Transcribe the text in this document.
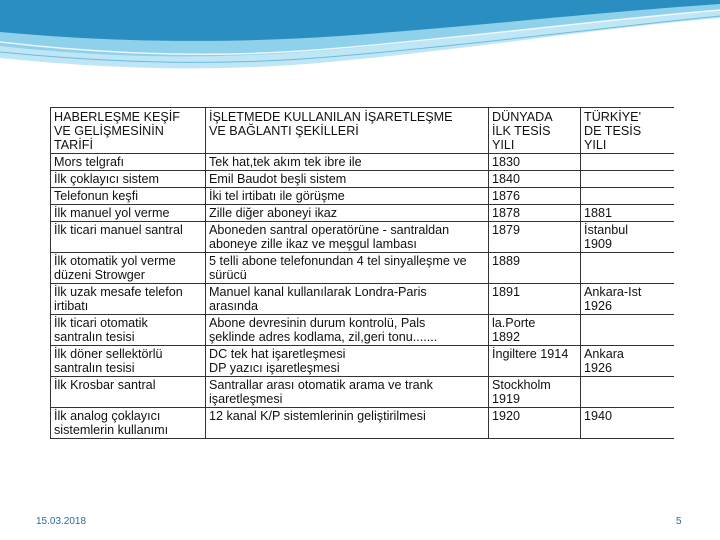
HABERLEŞME KEŞİF
VE GELİŞMESİNİN
TARİFİ	İŞLETMEDE KULLANILAN İŞARETLEŞME
VE BAĞLANTI ŞEKİLLERİ	DÜNYADA
İLK TESİS
YILI	TÜRKİYE'
DE TESİS
YILI
Mors telgrafı	Tek hat,tek akım tek ibre ile	1830	
İlk çoklayıcı sistem	Emil Baudot beşli sistem	1840	
Telefonun keşfi	İki tel irtibatı ile görüşme	1876	
İlk manuel yol verme	Zille diğer aboneyi ikaz	1878	1881
İlk ticari manuel santral	Aboneden santral operatörüne - santraldan
aboneye zille ikaz ve meşgul lambası	1879	İstanbul
1909
İlk otomatik yol verme
düzeni Strowger	5 telli abone telefonundan 4 tel sinyalleşme ve
sürücü	1889	
İlk uzak mesafe telefon
irtibatı	Manuel kanal kullanılarak Londra-Paris
arasında	1891	Ankara-Ist
1926
İlk ticari otomatik
santralın tesisi	Abone devresinin durum kontrolü, Pals
şeklinde adres kodlama, zil,geri tonu.......	la.Porte
1892	
İlk döner sellektörlü
santralın tesisi	DC tek hat işaretleşmesi
DP yazıcı işaretleşmesi	İngiltere 1914	Ankara
1926
İlk Krosbar santral	Santrallar arası otomatik arama ve trank
işaretleşmesi	Stockholm
1919	
İlk analog çoklayıcı
sistemlerin kullanımı	12 kanal K/P sistemlerinin geliştirilmesi	1920	1940
15.03.2018	5
